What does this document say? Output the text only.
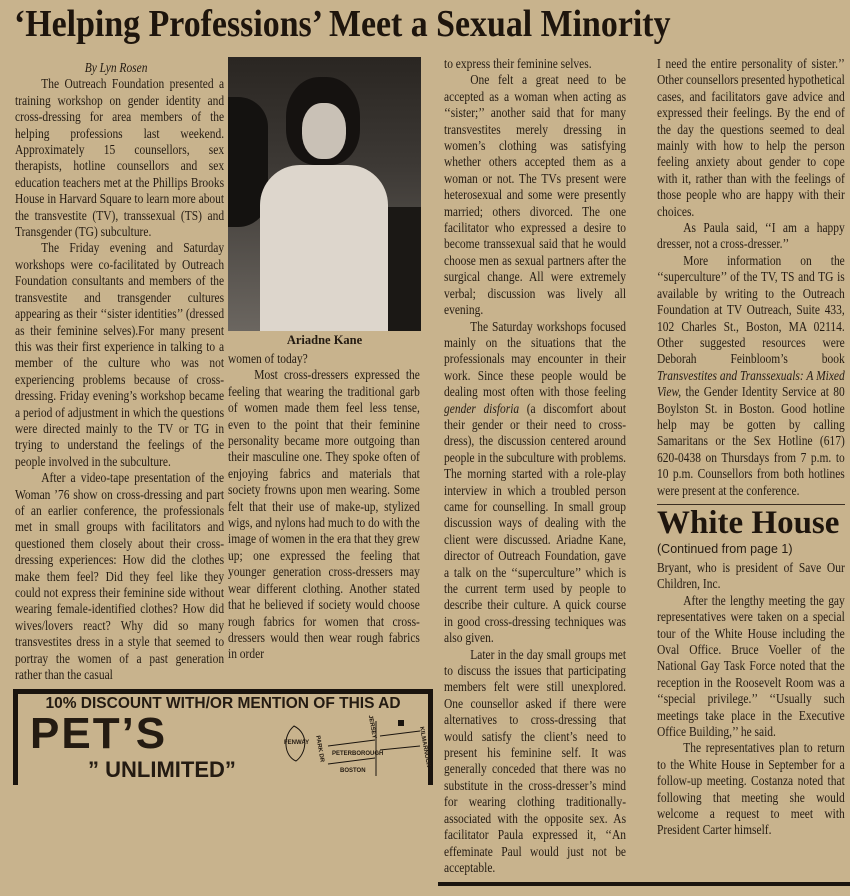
‘Helping Professions’ Meet a Sexual Minority
By Lyn Rosen

The Outreach Foundation presented a training workshop on gender identity and cross-dressing for area members of the helping professions last weekend. Approximately 15 counsellors, sex therapists, hotline counsellors and sex education teachers met at the Phillips Brooks House in Harvard Square to learn more about the transvestite (TV), transsexual (TS) and Transgender (TG) subculture.

The Friday evening and Saturday workshops were co-facilitated by Outreach Foundation consultants and members of the transvestite and transgender cultures appearing as their ‘‘sister identities’’ (dressed as their feminine selves).For many present this was their first experience in talking to a member of the culture who was not experiencing problems because of cross-dressing. Friday evening’s workshop became a period of adjustment in which the questions were directed mainly to the TV or TG in trying to understand the feelings of the people involved in the subculture.

After a video-tape presentation of the Woman ’76 show on cross-dressing and part of an earlier conference, the professionals met in small groups with facilitators and questioned them closely about their cross-dressing experiences: How did the clothes make them feel? Did they feel like they could not express their feminine side without wearing female-identified clothes? How did wives/lovers react? Why did so many transvestites dress in a style that seemed to portray the women of a past generation rather than the casual

Ariadne Kane

women of today?

Most cross-dressers expressed the feeling that wearing the traditional garb of women made them feel less tense, even to the point that their feminine personality became more outgoing than their masculine one. They spoke often of enjoying fabrics and materials that society frowns upon men wearing. Some felt that their use of make-up, stylized wigs, and nylons had much to do with the image of women in the era that they grew up; one expressed the feeling that younger generation cross-dressers may wear different clothing. Another stated that he believed if society would choose rough fabrics for women that cross-dressers would then wear rough fabrics in order

to express their feminine selves.

One felt a great need to be accepted as a woman when acting as ‘‘sister;’’ another said that for many transvestites merely dressing in women’s clothing was satisfying whether others accepted them as a woman or not. The TVs present were heterosexual and some were presently married; others divorced. The one facilitator who expressed a desire to become transsexual said that he would choose men as sexual partners after the surgical change. All were extremely verbal; discussion was lively all evening.

The Saturday workshops focused mainly on the situations that the professionals may encounter in their work. Since these people would be dealing most often with those feeling gender disforia (a discomfort about their gender or their need to cross-dress), the discussion centered around people in the subculture with problems. The morning started with a role-play interview in which a troubled person came for counselling. In small group discussion ways of dealing with the client were discussed. Ariadne Kane, director of Outreach Foundation, gave a talk on the ‘‘superculture’’ which is the current term used by people to describe their culture. A quick course in good cross-dressing techniques was also given.

Later in the day small groups met to discuss the issues that participating members felt were still unexplored. One counsellor asked if there were alternatives to cross-dressing that would satisfy the client’s need to present his feminine self. It was generally conceded that there was no substitute in the cross-dresser’s mind for wearing clothing traditionally-associated with the opposite sex. As facilitator Paula expressed it, ‘‘An effeminate Paul would just not be acceptable.

I need the entire personality of sister.’’ Other counsellors presented hypothetical cases, and facilitators gave advice and expressed their feelings. By the end of the day the questions seemed to deal mainly with how to help the person feeling anxiety about gender to cope with it, rather than with the feelings of those people who are happy with their choices.

As Paula said, ‘‘I am a happy dresser, not a cross-dresser.’’

More information on the ‘‘superculture’’ of the TV, TS and TG is available by writing to the Outreach Foundation at TV Outreach, Suite 433, 102 Charles St., Boston, MA 02114. Other suggested resources were Deborah Feinbloom’s book Transvestites and Transsexuals: A Mixed View, the Gender Identity Service at 80 Boylston St. in Boston. Good hotline help may be gotten by calling Samaritans or the Sex Hotline (617) 620-0438 on Thursdays from 7 p.m. to 10 p.m. Counsellors from both hotlines were present at the conference.

White House
(Continued from page 1)

Bryant, who is president of Save Our Children, Inc.

After the lengthy meeting the gay representatives were taken on a special tour of the White House including the Oval Office. Bruce Voeller of the National Gay Task Force noted that the reception in the Roosevelt Room was a ‘‘special privilege.’’ ‘‘Usually such meetings take place in the Executive Office Building,’’ he said.

The representatives plan to return to the White House in September for a follow-up meeting. Costanza noted that following that meeting she would welcome a request to meet with President Carter himself.

10% DISCOUNT WITH/OR MENTION OF THIS AD
PET’S
” UNLIMITED”
FENWAY PARK DR
JERSEY
PETERBOROUGH	KILMARNOCK
BOSTON
